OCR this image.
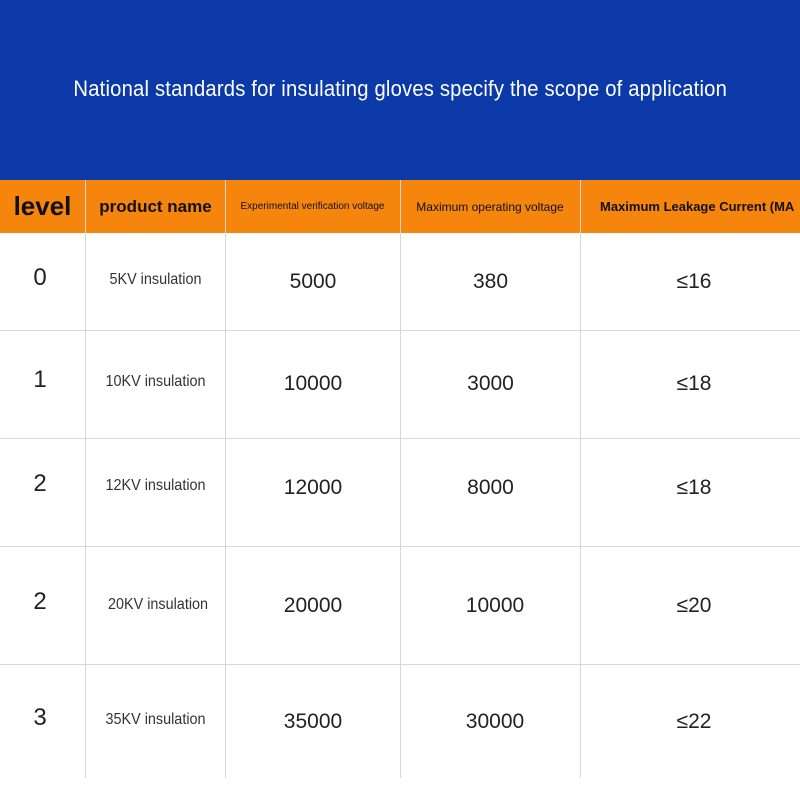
National standards for insulating gloves specify the scope of application
level	product name	Experimental verification voltage	Maximum operating voltage	Maximum Leakage Current (MA
0	5KV insulation	5000	380	≤16
1	10KV insulation	10000	3000	≤18
2	12KV insulation	12000	8000	≤18
2	20KV insulation	20000	10000	≤20
3	35KV insulation	35000	30000	≤22
